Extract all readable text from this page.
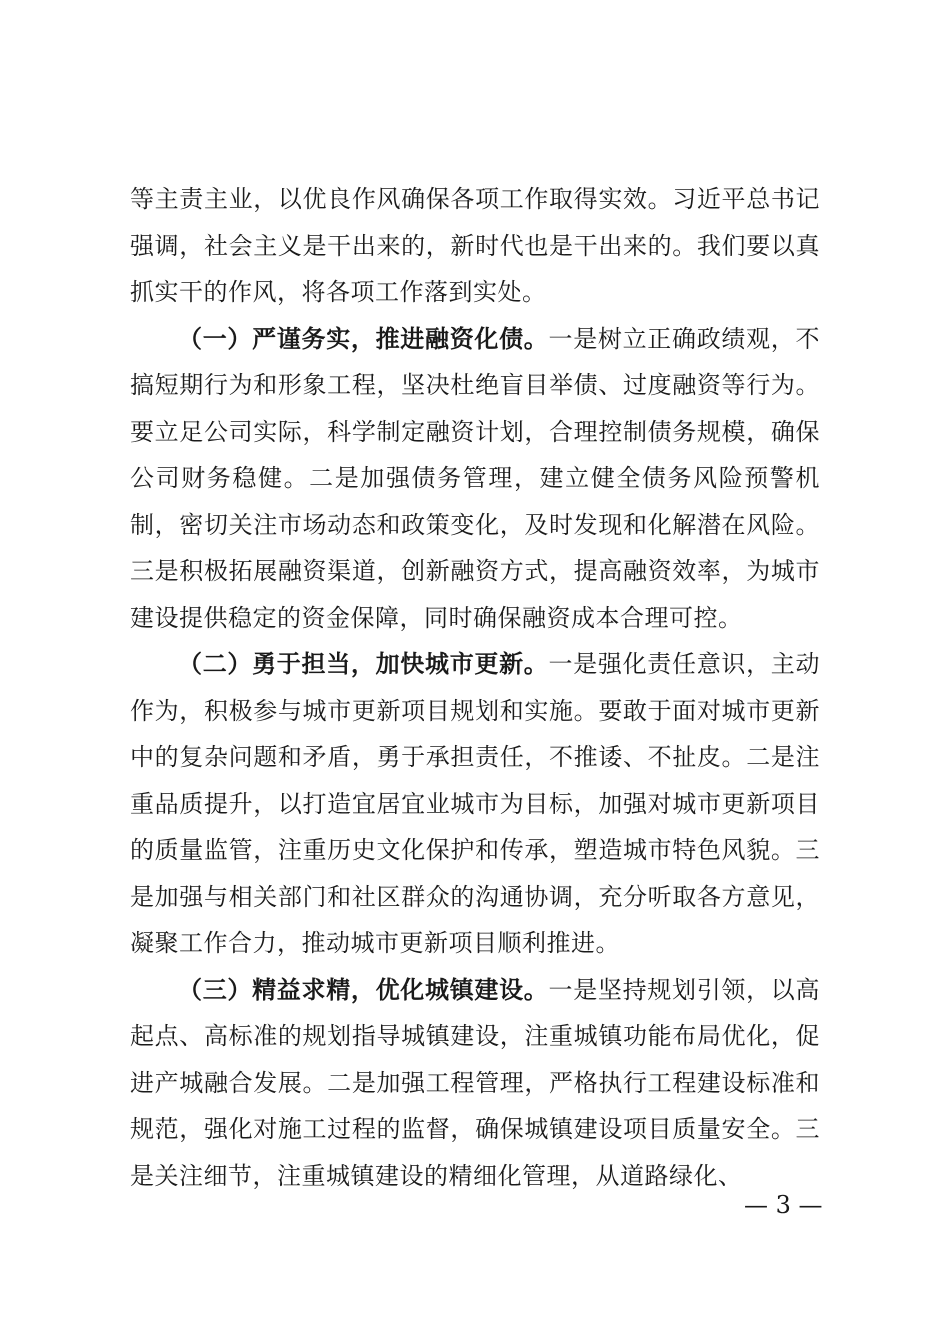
等主责主业，以优良作风确保各项工作取得实效。习近平总书记强调，社会主义是干出来的，新时代也是干出来的。我们要以真抓实干的作风，将各项工作落到实处。

（一）严谨务实，推进融资化债。一是树立正确政绩观，不搞短期行为和形象工程，坚决杜绝盲目举债、过度融资等行为。要立足公司实际，科学制定融资计划，合理控制债务规模，确保公司财务稳健。二是加强债务管理，建立健全债务风险预警机制，密切关注市场动态和政策变化，及时发现和化解潜在风险。三是积极拓展融资渠道，创新融资方式，提高融资效率，为城市建设提供稳定的资金保障，同时确保融资成本合理可控。

（二）勇于担当，加快城市更新。一是强化责任意识，主动作为，积极参与城市更新项目规划和实施。要敢于面对城市更新中的复杂问题和矛盾，勇于承担责任，不推诿、不扯皮。二是注重品质提升，以打造宜居宜业城市为目标，加强对城市更新项目的质量监管，注重历史文化保护和传承，塑造城市特色风貌。三是加强与相关部门和社区群众的沟通协调，充分听取各方意见，凝聚工作合力，推动城市更新项目顺利推进。

（三）精益求精，优化城镇建设。一是坚持规划引领，以高起点、高标准的规划指导城镇建设，注重城镇功能布局优化，促进产城融合发展。二是加强工程管理，严格执行工程建设标准和规范，强化对施工过程的监督，确保城镇建设项目质量安全。三是关注细节，注重城镇建设的精细化管理，从道路绿化、

— 3 —
